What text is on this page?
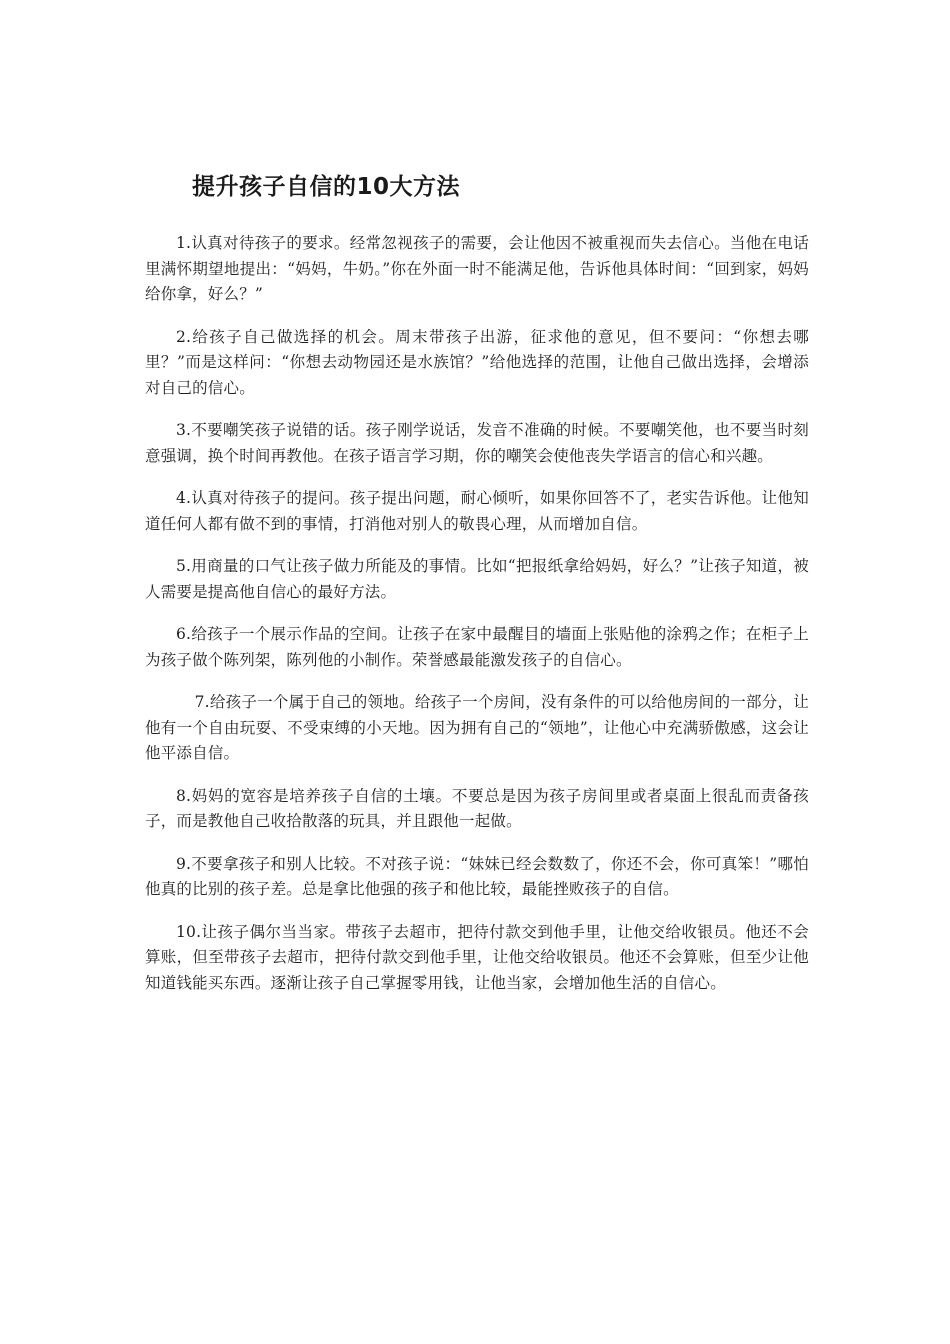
提升孩子自信的10大方法

1.认真对待孩子的要求。经常忽视孩子的需要，会让他因不被重视而失去信心。当他在电话里满怀期望地提出：“妈妈，牛奶。”你在外面一时不能满足他，告诉他具体时间：“回到家，妈妈给你拿，好么？”

2.给孩子自己做选择的机会。周末带孩子出游，征求他的意见，但不要问：“你想去哪里？”而是这样问：“你想去动物园还是水族馆？”给他选择的范围，让他自己做出选择，会增添对自己的信心。

3.不要嘲笑孩子说错的话。孩子刚学说话，发音不准确的时候。不要嘲笑他，也不要当时刻意强调，换个时间再教他。在孩子语言学习期，你的嘲笑会使他丧失学语言的信心和兴趣。

4.认真对待孩子的提问。孩子提出问题，耐心倾听，如果你回答不了，老实告诉他。让他知道任何人都有做不到的事情，打消他对别人的敬畏心理，从而增加自信。

5.用商量的口气让孩子做力所能及的事情。比如“把报纸拿给妈妈，好么？”让孩子知道，被人需要是提高他自信心的最好方法。

6.给孩子一个展示作品的空间。让孩子在家中最醒目的墙面上张贴他的涂鸦之作；在柜子上为孩子做个陈列架，陈列他的小制作。荣誉感最能激发孩子的自信心。

7.给孩子一个属于自己的领地。给孩子一个房间，没有条件的可以给他房间的一部分，让他有一个自由玩耍、不受束缚的小天地。因为拥有自己的“领地”，让他心中充满骄傲感，这会让他平添自信。

8.妈妈的宽容是培养孩子自信的土壤。不要总是因为孩子房间里或者桌面上很乱而责备孩子，而是教他自己收拾散落的玩具，并且跟他一起做。

9.不要拿孩子和别人比较。不对孩子说：“妹妹已经会数数了，你还不会，你可真笨！”哪怕他真的比别的孩子差。总是拿比他强的孩子和他比较，最能挫败孩子的自信。

10.让孩子偶尔当当家。带孩子去超市，把待付款交到他手里，让他交给收银员。他还不会算账，但至带孩子去超市，把待付款交到他手里，让他交给收银员。他还不会算账，但至少让他知道钱能买东西。逐渐让孩子自己掌握零用钱，让他当家，会增加他生活的自信心。
